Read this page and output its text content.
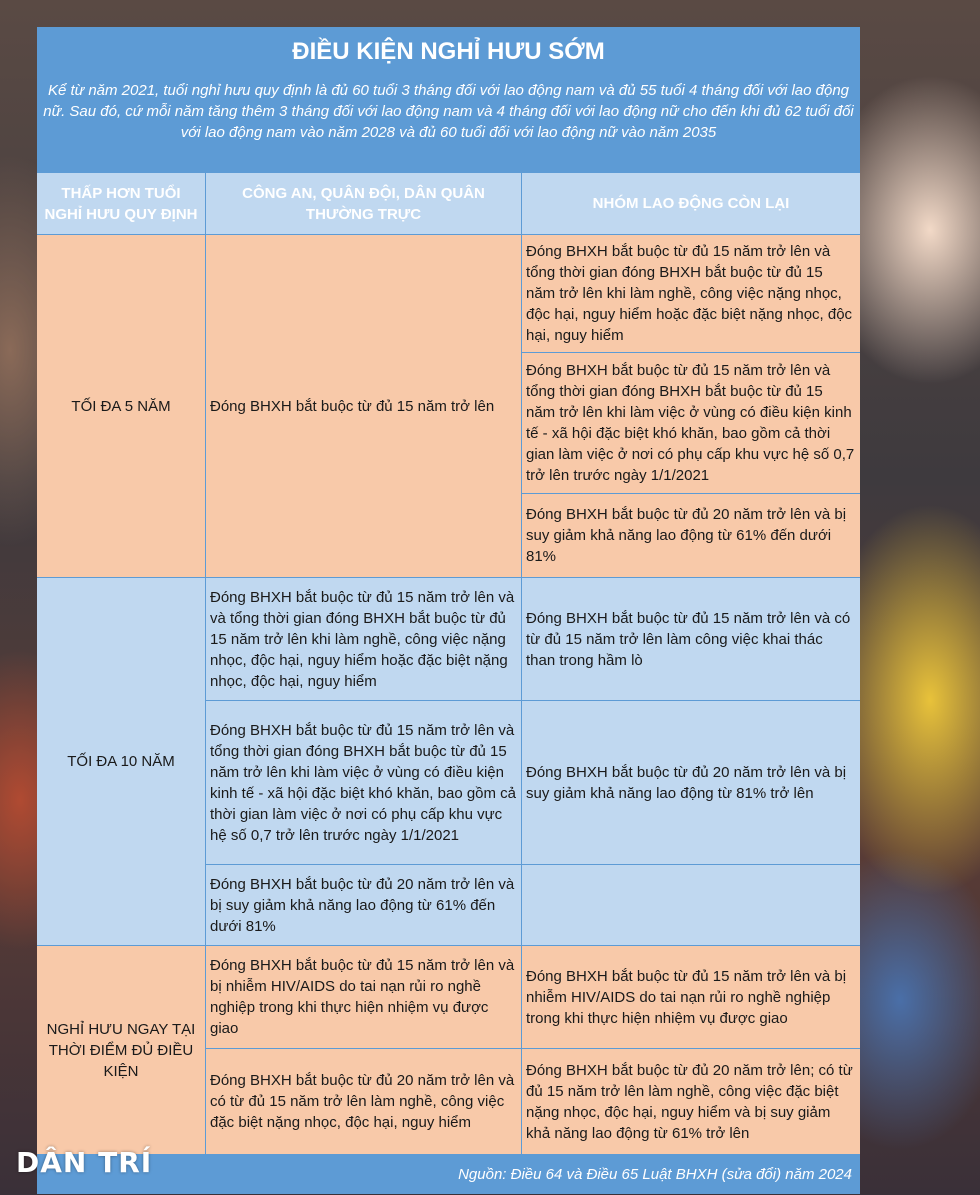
ĐIỀU KIỆN NGHỈ HƯU SỚM
Kể từ năm 2021, tuổi nghỉ hưu quy định là đủ 60 tuổi 3 tháng đối với lao động nam và đủ 55 tuổi 4 tháng đối với lao động nữ. Sau đó, cứ mỗi năm tăng thêm 3 tháng đối với lao động nam và 4 tháng đối với lao động nữ cho đến khi đủ 62 tuổi đối với lao động nam vào năm 2028 và đủ 60 tuổi đối với lao động nữ vào năm 2035
THẤP HƠN TUỔI NGHỈ HƯU QUY ĐỊNH
CÔNG AN, QUÂN ĐỘI, DÂN QUÂN THƯỜNG TRỰC
NHÓM LAO ĐỘNG CÒN LẠI
TỐI ĐA 5 NĂM	Đóng BHXH bắt buộc từ đủ 15 năm trở lên
Đóng BHXH bắt buộc từ đủ 15 năm trở lên và tổng thời gian đóng BHXH bắt buộc từ đủ 15 năm trở lên khi làm nghề, công việc nặng nhọc, độc hại, nguy hiểm hoặc đặc biệt nặng nhọc, độc hại, nguy hiểm
Đóng BHXH bắt buộc từ đủ 15 năm trở lên và tổng thời gian đóng BHXH bắt buộc từ đủ 15 năm trở lên khi làm việc ở vùng có điều kiện kinh tế - xã hội đặc biệt khó khăn, bao gồm cả thời gian làm việc ở nơi có phụ cấp khu vực hệ số 0,7 trở lên trước ngày 1/1/2021
Đóng BHXH bắt buộc từ đủ 20 năm trở lên và bị suy giảm khả năng lao động từ 61% đến dưới 81%
TỐI ĐA 10 NĂM
Đóng BHXH bắt buộc từ đủ 15 năm trở lên và và tổng thời gian đóng BHXH bắt buộc từ đủ 15 năm trở lên khi làm nghề, công việc nặng nhọc, độc hại, nguy hiểm hoặc đặc biệt nặng nhọc, độc hại, nguy hiểm
Đóng BHXH bắt buộc từ đủ 15 năm trở lên và tổng thời gian đóng BHXH bắt buộc từ đủ 15 năm trở lên khi làm việc ở vùng có điều kiện kinh tế - xã hội đặc biệt khó khăn, bao gồm cả thời gian làm việc ở nơi có phụ cấp khu vực hệ số 0,7 trở lên trước ngày 1/1/2021
Đóng BHXH bắt buộc từ đủ 20 năm trở lên và bị suy giảm khả năng lao động từ 61% đến dưới 81%
Đóng BHXH bắt buộc từ đủ 15 năm trở lên và có từ đủ 15 năm trở lên làm công việc khai thác than trong hầm lò
Đóng BHXH bắt buộc từ đủ 20 năm trở lên và bị suy giảm khả năng lao động từ 81% trở lên
NGHỈ HƯU NGAY TẠI THỜI ĐIỂM ĐỦ ĐIỀU KIỆN
Đóng BHXH bắt buộc từ đủ 15 năm trở lên và bị nhiễm HIV/AIDS do tai nạn rủi ro nghề nghiệp trong khi thực hiện nhiệm vụ được giao
Đóng BHXH bắt buộc từ đủ 20 năm trở lên và có từ đủ 15 năm trở lên làm nghề, công việc đặc biệt nặng nhọc, độc hại, nguy hiểm
Đóng BHXH bắt buộc từ đủ 15 năm trở lên và bị nhiễm HIV/AIDS do tai nạn rủi ro nghề nghiệp trong khi thực hiện nhiệm vụ được giao
Đóng BHXH bắt buộc từ đủ 20 năm trở lên; có từ đủ 15 năm trở lên làm nghề, công việc đặc biệt nặng nhọc, độc hại, nguy hiểm và bị suy giảm khả năng lao động từ 61% trở lên
Nguồn: Điều 64 và Điều 65 Luật BHXH (sửa đổi) năm 2024
DÂN TRÍ
